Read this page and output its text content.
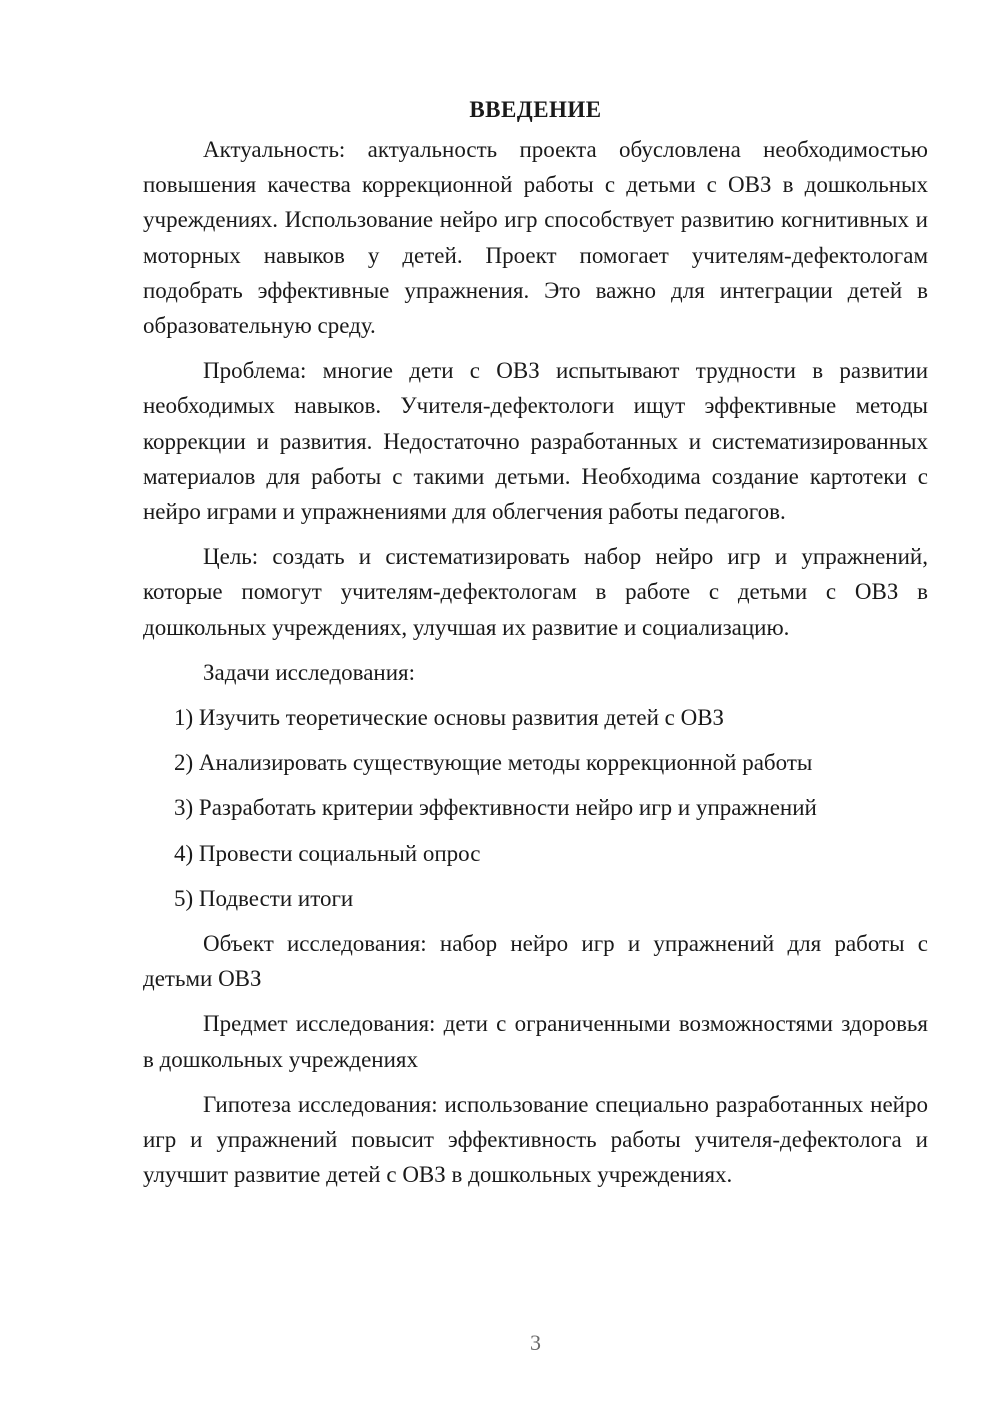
ВВЕДЕНИЕ

Актуальность: актуальность проекта обусловлена необходимостью повышения качества коррекционной работы с детьми с ОВЗ в дошкольных учреждениях. Использование нейро игр способствует развитию когнитивных и моторных навыков у детей. Проект помогает учителям-дефектологам подобрать эффективные упражнения. Это важно для интеграции детей в образовательную среду.

Проблема: многие дети с ОВЗ испытывают трудности в развитии необходимых навыков. Учителя-дефектологи ищут эффективные методы коррекции и развития. Недостаточно разработанных и систематизированных материалов для работы с такими детьми. Необходима создание картотеки с нейро играми и упражнениями для облегчения работы педагогов.

Цель: создать и систематизировать набор нейро игр и упражнений, которые помогут учителям-дефектологам в работе с детьми с ОВЗ в дошкольных учреждениях, улучшая их развитие и социализацию.

Задачи исследования:

1) Изучить теоретические основы развития детей с ОВЗ
2) Анализировать существующие методы коррекционной работы
3) Разработать критерии эффективности нейро игр и упражнений
4) Провести социальный опрос
5) Подвести итоги

Объект исследования: набор нейро игр и упражнений для работы с детьми ОВЗ

Предмет исследования: дети с ограниченными возможностями здоровья в дошкольных учреждениях

Гипотеза исследования: использование специально разработанных нейро игр и упражнений повысит эффективность работы учителя-дефектолога и улучшит развитие детей с ОВЗ в дошкольных учреждениях.

3
